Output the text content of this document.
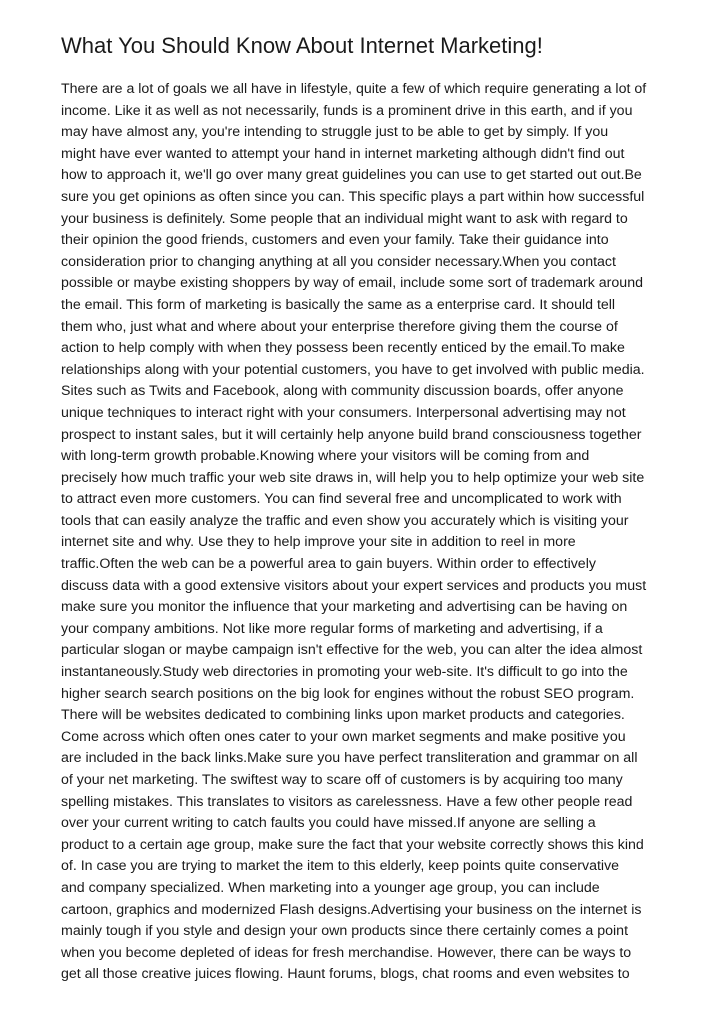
What You Should Know About Internet Marketing!
There are a lot of goals we all have in lifestyle, quite a few of which require generating a lot of
income. Like it as well as not necessarily, funds is a prominent drive in this earth, and if you
may have almost any, you're intending to struggle just to be able to get by simply. If you
might have ever wanted to attempt your hand in internet marketing although didn't find out
how to approach it, we'll go over many great guidelines you can use to get started out out.Be
sure you get opinions as often since you can. This specific plays a part within how successful
your business is definitely. Some people that an individual might want to ask with regard to
their opinion the good friends, customers and even your family. Take their guidance into
consideration prior to changing anything at all you consider necessary.When you contact
possible or maybe existing shoppers by way of email, include some sort of trademark around
the email. This form of marketing is basically the same as a enterprise card. It should tell
them who, just what and where about your enterprise therefore giving them the course of
action to help comply with when they possess been recently enticed by the email.To make
relationships along with your potential customers, you have to get involved with public media.
Sites such as Twits and Facebook, along with community discussion boards, offer anyone
unique techniques to interact right with your consumers. Interpersonal advertising may not
prospect to instant sales, but it will certainly help anyone build brand consciousness together
with long-term growth probable.Knowing where your visitors will be coming from and
precisely how much traffic your web site draws in, will help you to help optimize your web site
to attract even more customers. You can find several free and uncomplicated to work with
tools that can easily analyze the traffic and even show you accurately which is visiting your
internet site and why. Use they to help improve your site in addition to reel in more
traffic.Often the web can be a powerful area to gain buyers. Within order to effectively
discuss data with a good extensive visitors about your expert services and products you must
make sure you monitor the influence that your marketing and advertising can be having on
your company ambitions. Not like more regular forms of marketing and advertising, if a
particular slogan or maybe campaign isn't effective for the web, you can alter the idea almost
instantaneously.Study web directories in promoting your web-site. It's difficult to go into the
higher search search positions on the big look for engines without the robust SEO program.
There will be websites dedicated to combining links upon market products and categories.
Come across which often ones cater to your own market segments and make positive you
are included in the back links.Make sure you have perfect transliteration and grammar on all
of your net marketing. The swiftest way to scare off of customers is by acquiring too many
spelling mistakes. This translates to visitors as carelessness. Have a few other people read
over your current writing to catch faults you could have missed.If anyone are selling a
product to a certain age group, make sure the fact that your website correctly shows this kind
of. In case you are trying to market the item to this elderly, keep points quite conservative
and company specialized. When marketing into a younger age group, you can include
cartoon, graphics and modernized Flash designs.Advertising your business on the internet is
mainly tough if you style and design your own products since there certainly comes a point
when you become depleted of ideas for fresh merchandise. However, there can be ways to
get all those creative juices flowing. Haunt forums, blogs, chat rooms and even websites to
